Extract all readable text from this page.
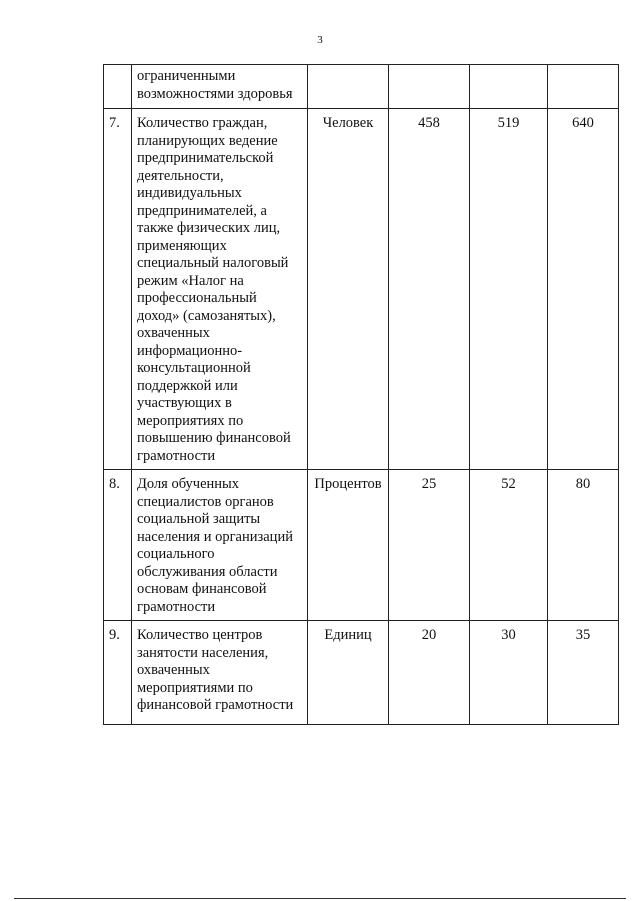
3
	ограниченными возможностями здоровья				
7.	Количество граждан, планирующих ведение предпринимательской деятельности, индивидуальных предпринимателей, а также физических лиц, применяющих специальный налоговый режим «Налог на профессиональный доход» (самозанятых), охваченных информационно-консультационной поддержкой или участвующих в мероприятиях по повышению финансовой грамотности	Человек	458	519	640
8.	Доля обученных специалистов органов социальной защиты населения и организаций социального обслуживания области основам финансовой грамотности	Процентов	25	52	80
9.	Количество центров занятости населения, охваченных мероприятиями по финансовой грамотности	Единиц	20	30	35
